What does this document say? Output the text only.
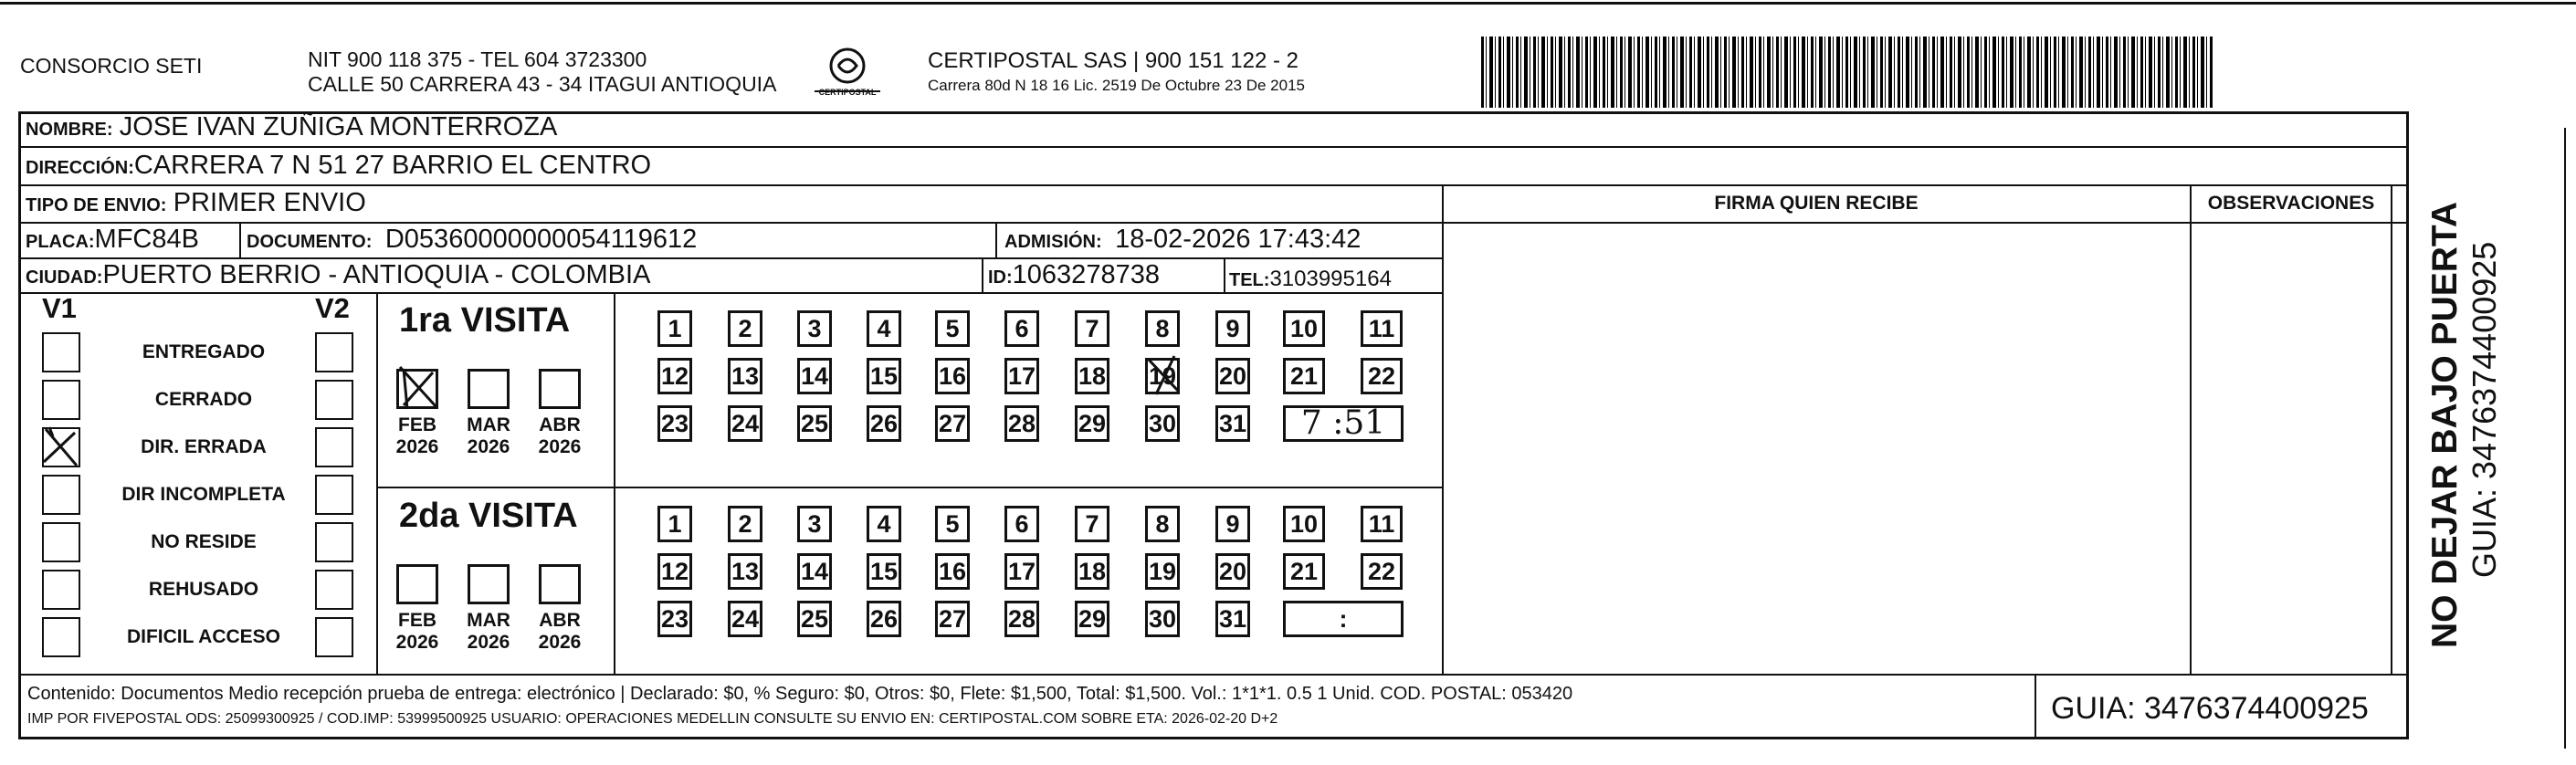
CONSORCIO SETI	NIT 900 118 375 - TEL 604 3723300
CALLE 50 CARRERA 43 - 34 ITAGUI ANTIOQUIA	CERTIPOSTAL
CERTIPOSTAL SAS | 900 151 122 - 2
Carrera 80d N 18 16 Lic. 2519 De Octubre 23 De 2015
NOMBRE: JOSE IVAN ZUÑIGA MONTERROZA
DIRECCIÓN:CARRERA 7 N 51 27 BARRIO EL CENTRO
TIPO DE ENVIO: PRIMER ENVIO
PLACA:MFC84B	DOCUMENTO: D05360000000054119612	ADMISIÓN: 18-02-2026 17:43:42
CIUDAD:PUERTO BERRIO - ANTIOQUIA - COLOMBIA	ID:1063278738	TEL:3103995164
FIRMA QUIEN RECIBE	OBSERVACIONES
V1	V2
ENTREGADO
CERRADO
DIR. ERRADA
DIR INCOMPLETA
NO RESIDE
REHUSADO
DIFICIL ACCESO
1ra VISITA
FEB
2026
MAR
2026
ABR
2026
1	2	3	4	5	6	7	8	9	10	11
12 13 14 15 16 17 18 19 20 21 22
23 24 25 26 27 28 29 30 31	7 :51
2da VISITA
FEB
2026
MAR
2026
ABR
2026
1	2	3	4	5	6	7	8	9	10	11
12 13 14 15 16 17 18 19 20 21 22
23 24 25 26 27 28 29 30 31	:	NO DEJAR BAJO PUERTA GUIA: 3476374400925
Contenido: Documentos Medio recepción prueba de entrega: electrónico | Declarado: $0, % Seguro: $0, Otros: $0, Flete: $1,500, Total: $1,500. Vol.: 1*1*1. 0.5 1 Unid. COD. POSTAL: 053420
IMP POR FIVEPOSTAL ODS: 25099300925 / COD.IMP: 53999500925 USUARIO: OPERACIONES MEDELLIN CONSULTE SU ENVIO EN: CERTIPOSTAL.COM SOBRE ETA: 2026-02-20 D+2	GUIA: 3476374400925
